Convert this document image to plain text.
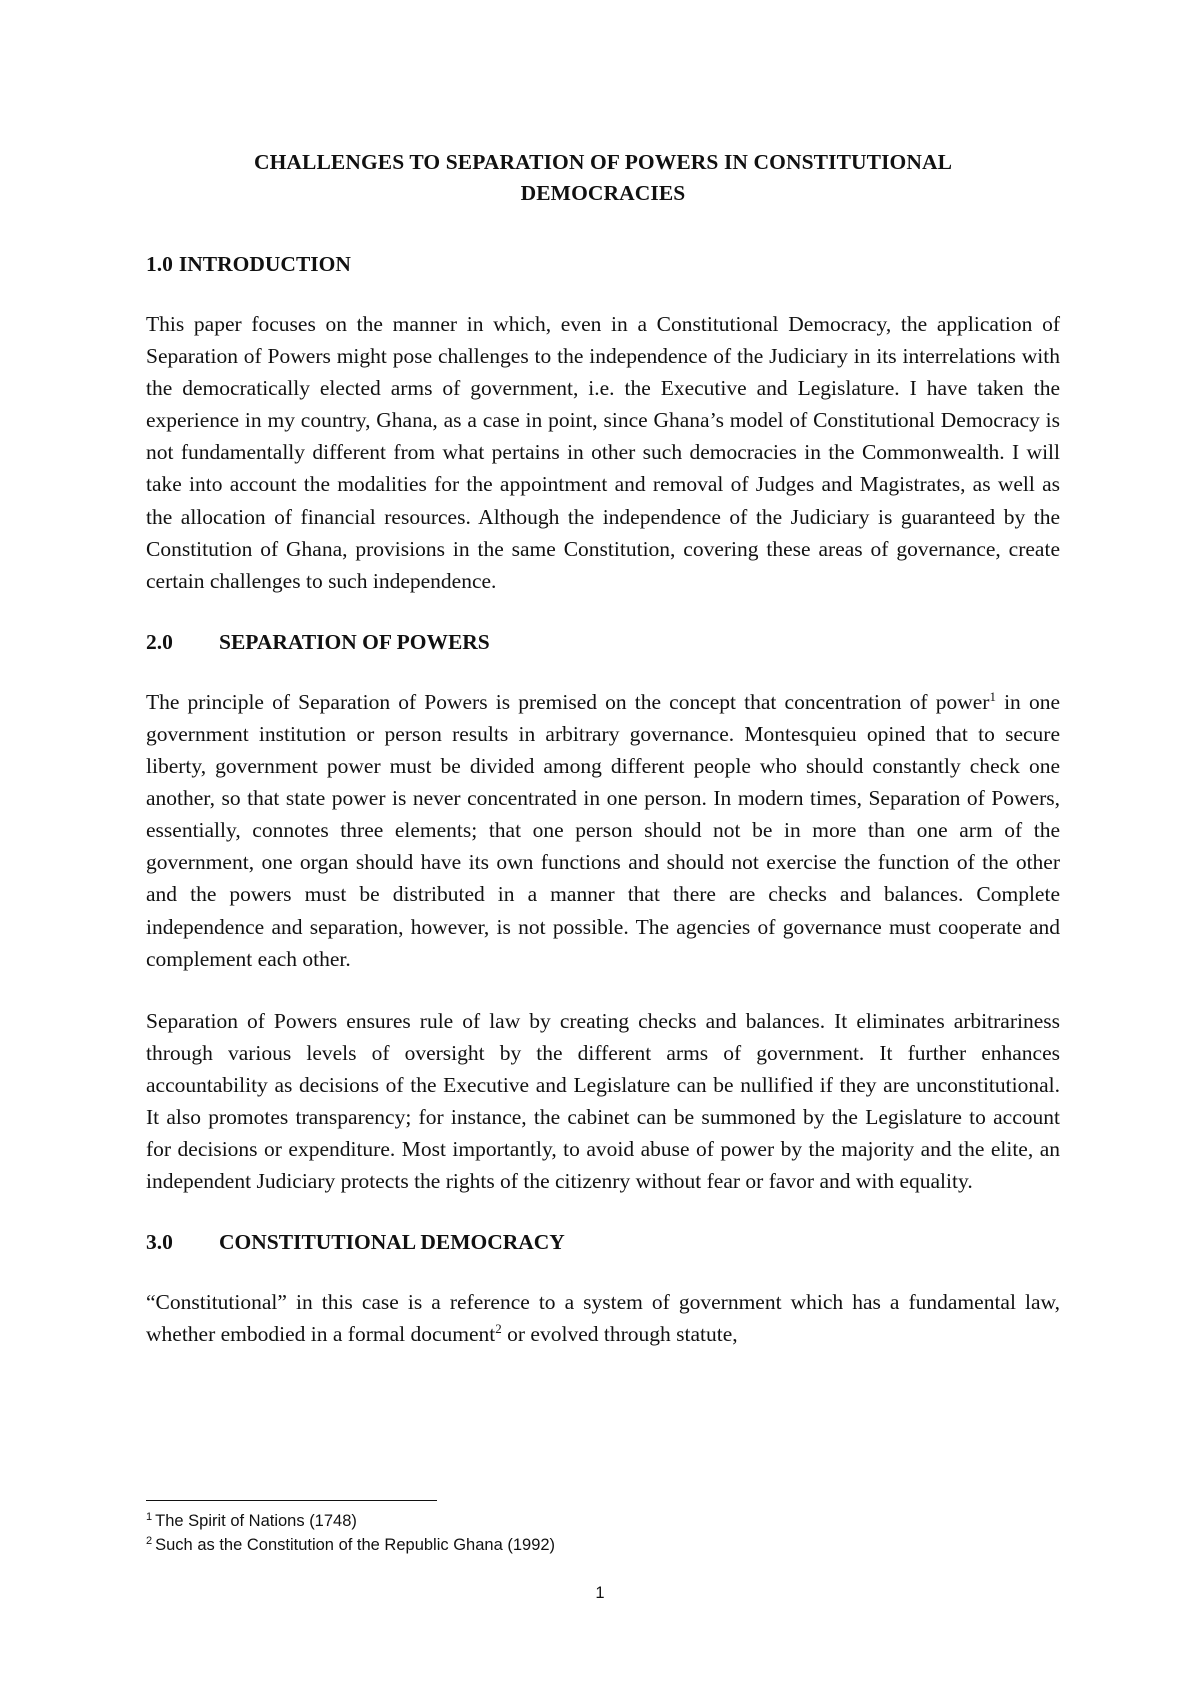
CHALLENGES TO SEPARATION OF POWERS IN CONSTITUTIONAL
DEMOCRACIES
1.0 INTRODUCTION

This paper focuses on the manner in which, even in a Constitutional Democracy, the application of Separation of Powers might pose challenges to the independence of the Judiciary in its interrelations with the democratically elected arms of government, i.e. the Executive and Legislature. I have taken the experience in my country, Ghana, as a case in point, since Ghana’s model of Constitutional Democracy is not fundamentally different from what pertains in other such democracies in the Commonwealth. I will take into account the modalities for the appointment and removal of Judges and Magistrates, as well as the allocation of financial resources. Although the independence of the Judiciary is guaranteed by the Constitution of Ghana, provisions in the same Constitution, covering these areas of governance, create certain challenges to such independence.

2.0 SEPARATION OF POWERS

The principle of Separation of Powers is premised on the concept that concentration of power$^1$ in one government institution or person results in arbitrary governance. Montesquieu opined that to secure liberty, government power must be divided among different people who should constantly check one another, so that state power is never concentrated in one person. In modern times, Separation of Powers, essentially, connotes three elements; that one person should not be in more than one arm of the government, one organ should have its own functions and should not exercise the function of the other and the powers must be distributed in a manner that there are checks and balances. Complete independence and separation, however, is not possible. The agencies of governance must cooperate and complement each other.

Separation of Powers ensures rule of law by creating checks and balances. It eliminates arbitrariness through various levels of oversight by the different arms of government. It further enhances accountability as decisions of the Executive and Legislature can be nullified if they are unconstitutional. It also promotes transparency; for instance, the cabinet can be summoned by the Legislature to account for decisions or expenditure. Most importantly, to avoid abuse of power by the majority and the elite, an independent Judiciary protects the rights of the citizenry without fear or favor and with equality.

3.0 CONSTITUTIONAL DEMOCRACY

“Constitutional” in this case is a reference to a system of government which has a fundamental law, whether embodied in a formal document$^2$ or evolved through statute,

$^1$ The Spirit of Nations (1748)
$^2$ Such as the Constitution of the Republic Ghana (1992)
1
